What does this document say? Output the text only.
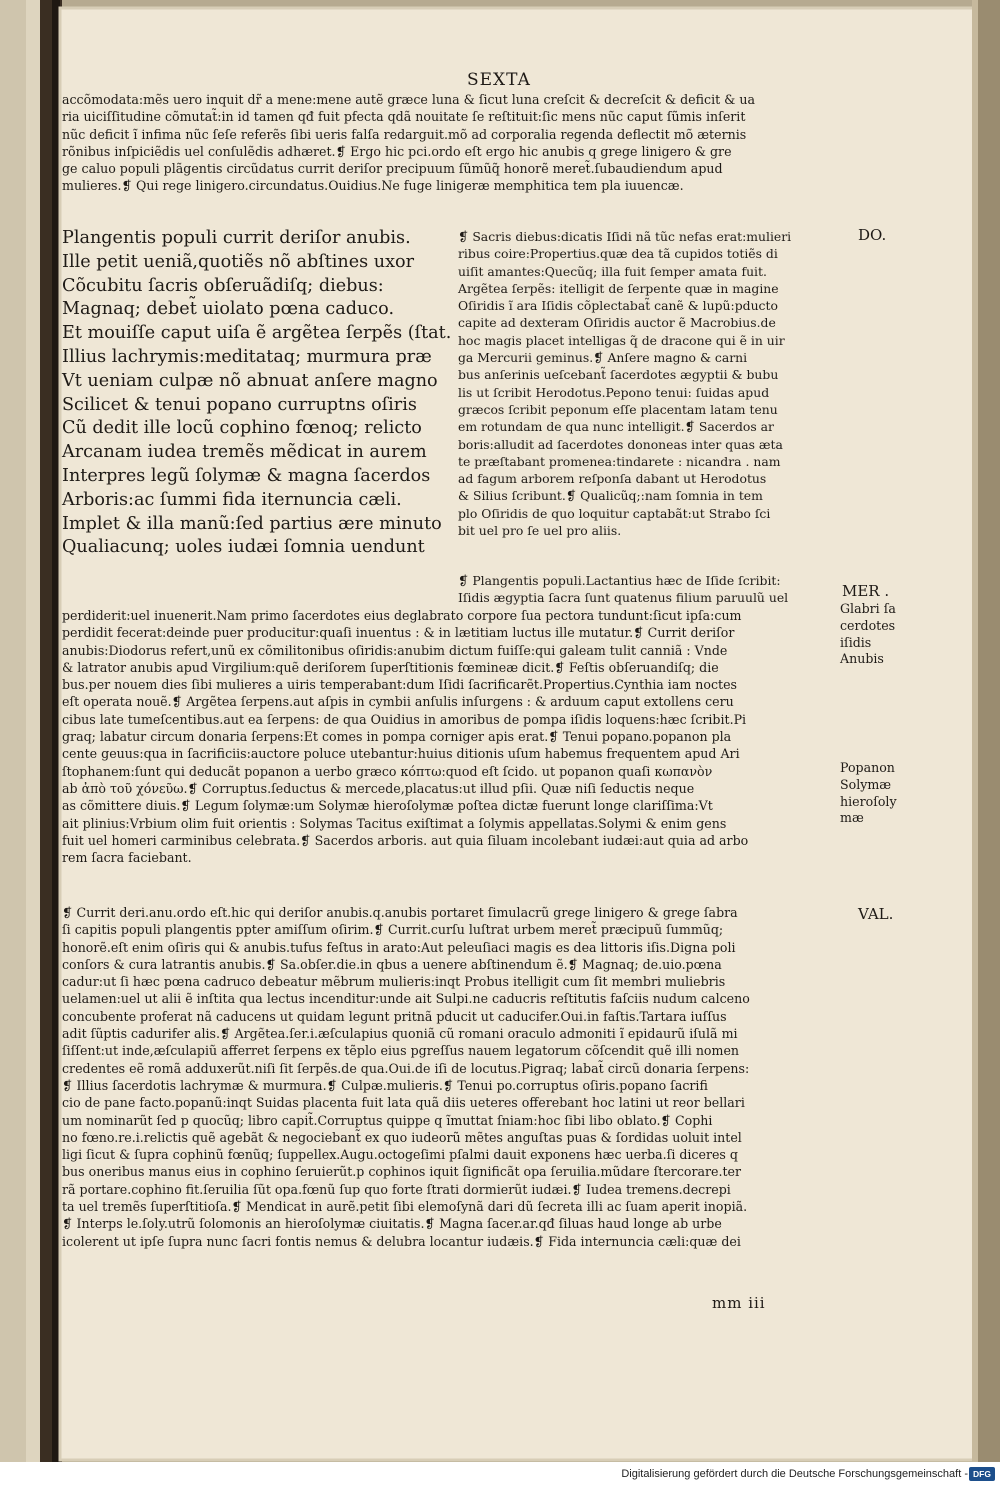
SEXTA
accõmodata:mẽs uero inquit dr̃ a mene:mene autẽ græce luna & ſicut luna creſcit & decreſcit & deficit & ua
ria uiciſſitudine cõmutat̃:in id tamen qđ fuit pfecta qdã nouitate ſe reſtituit:ſic mens nũc caput ſũmis inſerit
nũc deficit ĩ infima nũc ſeſe referẽs ſibi ueris falſa redarguit.mõ ad corporalia regenda deflectit mõ æternis
rõnibus inſpiciẽdis uel conſulẽdis adhæret.❡ Ergo hic pci.ordo eſt ergo hic anubis q grege linigero & gre
ge caluo populi plãgentis circũdatus currit deriſor precipuum ſũmũq̃ honorẽ meret̃.ſubaudiendum apud
mulieres.❡ Qui rege linigero.circundatus.Ouidius.Ne fuge linigeræ memphitica tem pla iuuencæ.
Plangentis populi currit deriſor anubis.
Ille petit ueniã,quotiẽs nõ abſtines uxor
Cõcubitu ſacris obſeruãdiſq; diebus:
Magnaq; debet̃ uiolato pœna caduco.
Et mouiſſe caput uiſa ẽ argẽtea ſerpẽs (ſtat.
Illius lachrymis:meditataq; murmura præ
Vt ueniam culpæ nõ abnuat anſere magno
Scilicet & tenui popano curruptns oſiris
Cũ dedit ille locũ cophino fœnoq; relicto
Arcanam iudea tremẽs mẽdicat in aurem
Interpres legũ ſolymæ & magna ſacerdos
Arboris:ac ſummi fida iternuncia cæli.
Implet & illa manũ:ſed partius ære minuto
Qualiacunq; uoles iudæi ſomnia uendunt
❡ Sacris diebus:dicatis Iſidi nã tũc nefas erat:mulieri
ribus coire:Propertius.quæ dea tã cupidos totiẽs di
uiſit amantes:Quecũq; illa fuit ſemper amata fuit.
Argẽtea ſerpẽs: itelligit de ſerpente quæ in magine
Oſiridis ĩ ara Iſidis cõplectabat̃ canẽ & lupũ:pducto
capite ad dexteram Oſiridis auctor ẽ Macrobius.de
hoc magis placet intelligas q̃ de dracone qui ẽ in uir
ga Mercurii geminus.❡ Anſere magno & carni
bus anſerinis ueſcebant̃ ſacerdotes ægyptii & bubu
lis ut ſcribit Herodotus.Pepono tenui: ſuidas apud
græcos ſcribit peponum eſſe placentam latam tenu
em rotundam de qua nunc intelligit.❡ Sacerdos ar
boris:alludit ad ſacerdotes dononeas inter quas æta
te præſtabant promenea:tindarete : nicandra . nam
ad fagum arborem reſponſa dabant ut Herodotus
& Silius ſcribunt.❡ Qualicũq;:nam ſomnia in tem
plo Oſiridis de quo loquitur captabãt:ut Strabo ſci
bit uel pro ſe uel pro aliis.
❡ Plangentis populi.Lactantius hæc de Iſide ſcribit:
Iſidis ægyptia ſacra ſunt quatenus filium paruulũ uel
perdiderit:uel inuenerit.Nam primo ſacerdotes eius deglabrato corpore ſua pectora tundunt:ſicut ipſa:cum
perdidit fecerat:deinde puer producitur:quaſi inuentus : & in lætitiam luctus ille mutatur.❡ Currit deriſor
anubis:Diodorus refert,unũ ex cõmilitonibus oſiridis:anubim dictum fuiſſe:qui galeam tulit canniã : Vnde
& latrator anubis apud Virgilium:quẽ deriſorem ſuperſtitionis fœmineæ dicit.❡ Feſtis obſeruandiſq; die
bus.per nouem dies ſibi mulieres a uiris temperabant:dum Iſidi ſacrificarẽt.Propertius.Cynthia iam noctes
eſt operata nouẽ.❡ Argẽtea ſerpens.aut aſpis in cymbii anſulis inſurgens : & arduum caput extollens ceru
cibus late tumeſcentibus.aut ea ſerpens: de qua Ouidius in amoribus de pompa iſidis loquens:hæc ſcribit.Pi
graq; labatur circum donaria ſerpens:Et comes in pompa corniger apis erat.❡ Tenui popano.popanon pla
cente geuus:qua in ſacrificiis:auctore poluce utebantur:huius ditionis uſum habemus frequentem apud Ari
ſtophanem:ſunt qui deducãt popanon a uerbo græco κόπτω:quod eſt ſcido. ut popanon quaſi κωπανὸν
ab ἀπὸ τοῦ χόνεῦω.❡ Corruptus.ſeductus & mercede,placatus:ut illud pſii. Quæ niſi ſeductis neque
as cõmittere diuis.❡ Legum ſolymæ:um Solymæ hieroſolymæ poſtea dictæ fuerunt longe clariſſima:Vt
ait plinius:Vrbium olim fuit orientis : Solymas Tacitus exiſtimat a ſolymis appellatas.Solymi & enim gens
fuit uel homeri carminibus celebrata.❡ Sacerdos arboris. aut quia ſiluam incolebant iudæi:aut quia ad arbo
rem ſacra faciebant.
❡ Currit deri.anu.ordo eſt.hic qui deriſor anubis.q.anubis portaret ſimulacrũ grege linigero & grege ſabra
ſi capitis populi plangentis ppter amiſſum oſirim.❡ Currit.curſu luſtrat urbem meret̃ præcipuũ ſummũq;
honorẽ.eſt enim oſiris qui & anubis.tufus feſtus in arato:Aut peleuſiaci magis es dea littoris iſis.Digna poli
conſors & cura latrantis anubis.❡ Sa.obſer.die.in qbus a uenere abſtinendum ẽ.❡ Magnaq; de.uio.pœna
cadur:ut ſi hæc pœna cadruco debeatur mẽbrum mulieris:inqt Probus itelligit cum ſit membri muliebris
uelamen:uel ut alii ẽ inſtita qua lectus incenditur:unde ait Sulpi.ne caducris reſtitutis faſciis nudum calceno
concubente proferat nã caducens ut quidam legunt pritnã pducit ut caducifer.Oui.in faſtis.Tartara iuſſus
adit ſũptis cadurifer alis.❡ Argẽtea.ſer.i.æſculapius quoniã cũ romani oraculo admoniti ĩ epidaurũ iſulã mi
ſiſſent:ut inde,æſculapiũ afferret ſerpens ex tẽplo eius pgreſſus nauem legatorum cõſcendit quẽ illi nomen
credentes eẽ romã adduxerũt.niſi ſit ſerpẽs.de qua.Oui.de iſi de locutus.Pigraq; labat̃ circũ donaria ſerpens:
❡ Illius ſacerdotis lachrymæ & murmura.❡ Culpæ.mulieris.❡ Tenui po.corruptus oſiris.popano ſacrifi
cio de pane facto.popanũ:inqt Suidas placenta fuit lata quã diis ueteres offerebant hoc latini ut reor bellari
um nominarũt ſed p quocũq; libro capit̃.Corruptus quippe q ĩmuttat ſniam:hoc ſibi libo oblato.❡ Cophi
no fœno.re.i.relictis quẽ agebãt & negociebant̃ ex quo iudeorũ mẽtes anguſtas puas & ſordidas uoluit intel
ligi ſicut & ſupra cophinũ fœnũq; ſuppellex.Augu.octogeſimi pſalmi dauit exponens hæc uerba.ſi diceres q
bus oneribus manus eius in cophino ſeruierũt.p cophinos iquit ſignificãt opa ſeruilia.mũdare ſtercorare.ter
rã portare.cophino fit.ſeruilia ſũt opa.fœnũ ſup quo forte ſtrati dormierũt iudæi.❡ Iudea tremens.decrepi
ta uel tremẽs ſuperſtitioſa.❡ Mendicat in aurẽ.petit ſibi elemoſynã dari dũ ſecreta illi ac ſuam aperit inopiã.
❡ Interps le.ſoly.utrũ ſolomonis an hieroſolymæ ciuitatis.❡ Magna ſacer.ar.qđ ſiluas haud longe ab urbe
icolerent ut ipſe ſupra nunc ſacri fontis nemus & delubra locantur iudæis.❡ Fida internuncia cæli:quæ dei
DO.
MER .
Glabri ſa
cerdotes
iſidis
Anubis
Popanon
Solymæ
hieroſoly
mæ
VAL.
mm iii
Digitalisierung gefördert durch die Deutsche Forschungsgemeinschaft - DFG
